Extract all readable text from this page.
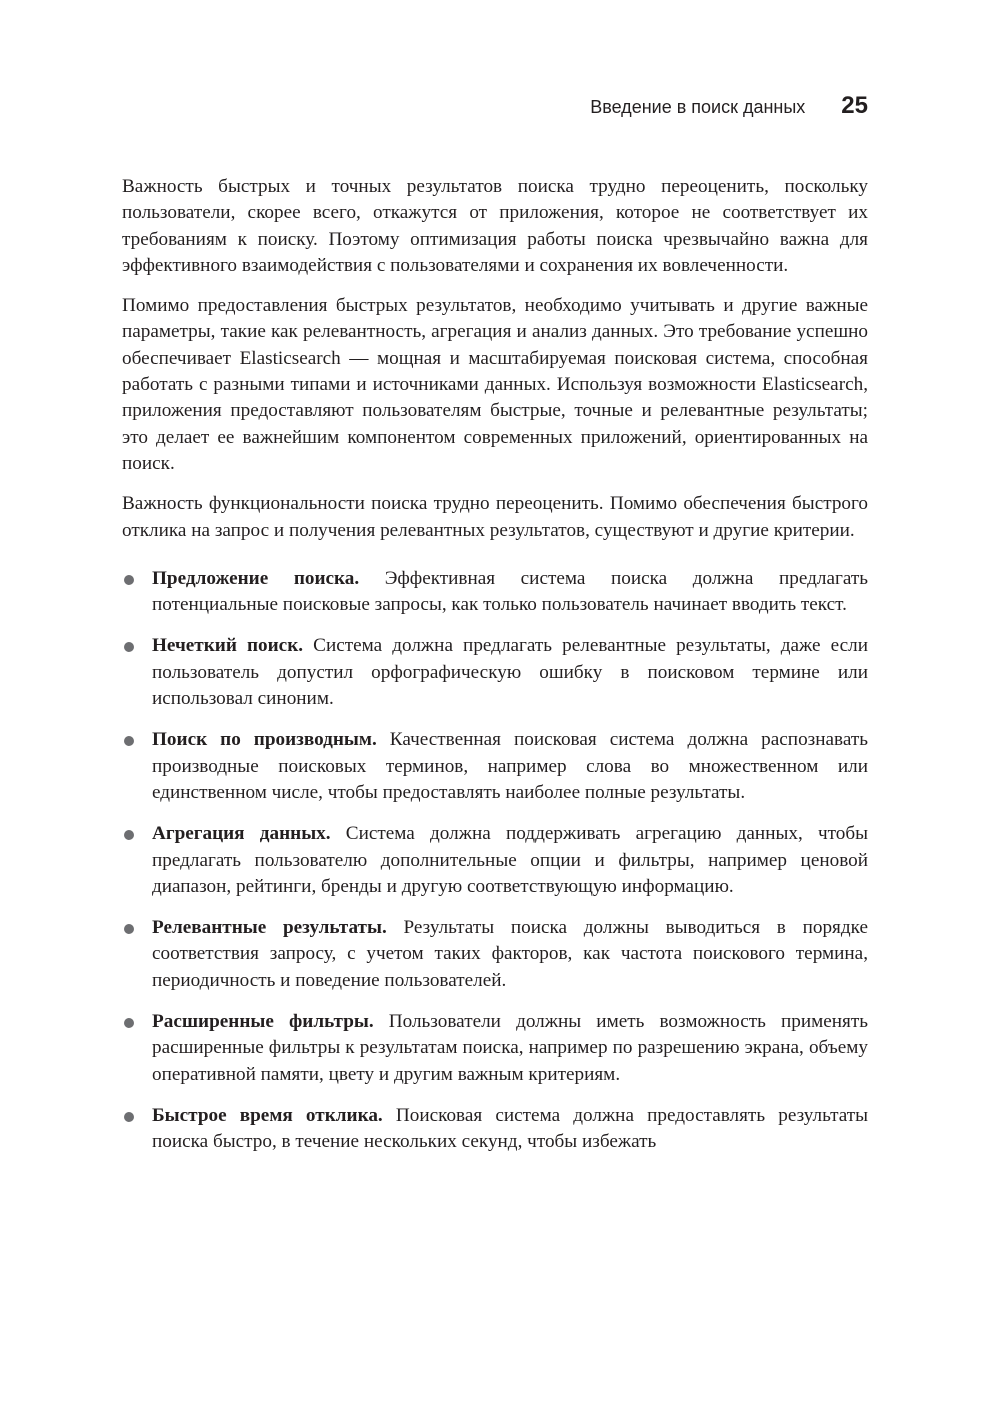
Введение в поиск данных 25

Важность быстрых и точных результатов поиска трудно переоценить, поскольку пользователи, скорее всего, откажутся от приложения, которое не соответствует их требованиям к поиску. Поэтому оптимизация работы поиска чрезвычайно важна для эффективного взаимодействия с пользователями и сохранения их вовлеченности.

Помимо предоставления быстрых результатов, необходимо учитывать и другие важные параметры, такие как релевантность, агрегация и анализ данных. Это требование успешно обеспечивает Elasticsearch — мощная и масштабируемая поисковая система, способная работать с разными типами и источниками данных. Используя возможности Elasticsearch, приложения предоставляют пользователям быстрые, точные и релевантные результаты; это делает ее важнейшим компонентом современных приложений, ориентированных на поиск.

Важность функциональности поиска трудно переоценить. Помимо обеспечения быстрого отклика на запрос и получения релевантных результатов, существуют и другие критерии.

Предложение поиска. Эффективная система поиска должна предлагать потенциальные поисковые запросы, как только пользователь начинает вводить текст.
Нечеткий поиск. Система должна предлагать релевантные результаты, даже если пользователь допустил орфографическую ошибку в поисковом термине или использовал синоним.
Поиск по производным. Качественная поисковая система должна распознавать производные поисковых терминов, например слова во множественном или единственном числе, чтобы предоставлять наиболее полные результаты.
Агрегация данных. Система должна поддерживать агрегацию данных, чтобы предлагать пользователю дополнительные опции и фильтры, например ценовой диапазон, рейтинги, бренды и другую соответствующую информацию.
Релевантные результаты. Результаты поиска должны выводиться в порядке соответствия запросу, с учетом таких факторов, как частота поискового термина, периодичность и поведение пользователей.
Расширенные фильтры. Пользователи должны иметь возможность применять расширенные фильтры к результатам поиска, например по разрешению экрана, объему оперативной памяти, цвету и другим важным критериям.
Быстрое время отклика. Поисковая система должна предоставлять результаты поиска быстро, в течение нескольких секунд, чтобы избежать
